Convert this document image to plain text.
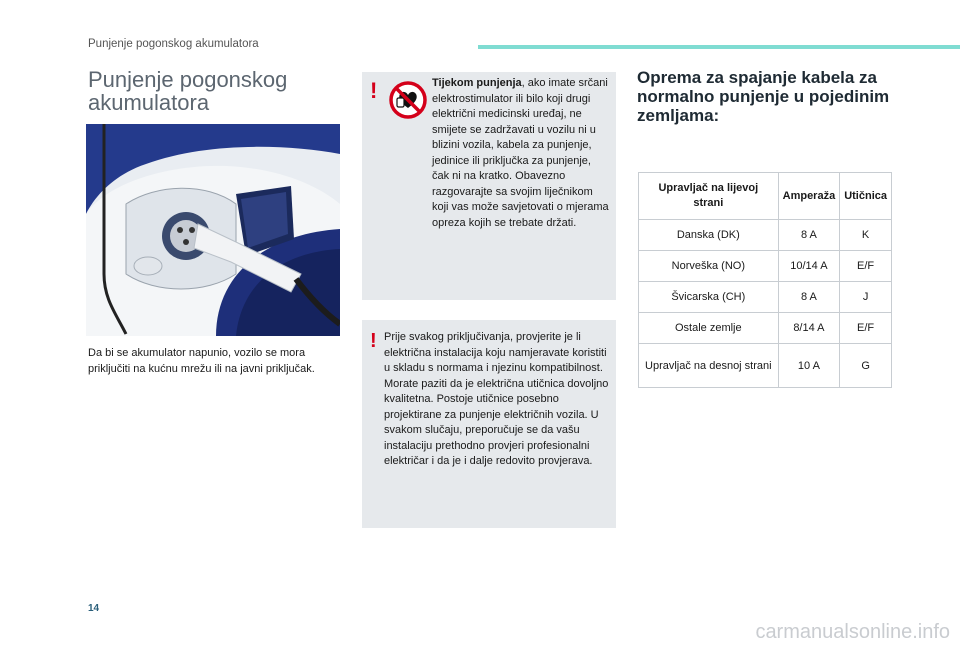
Punjenje pogonskog akumulatora
Punjenje pogonskog akumulatora
Da bi se akumulator napunio, vozilo se mora priključiti na kućnu mrežu ili na javni priključak.
!	Tijekom punjenja, ako imate srčani elektrostimulator ili bilo koji drugi električni medicinski uređaj, ne smijete se zadržavati u vozilu ni u blizini vozila, kabela za punjenje, jedinice ili priključka za punjenje, čak ni na kratko. Obavezno razgovarajte sa svojim liječnikom koji vas može savjetovati o mjerama opreza kojih se trebate držati.
! Prije svakog priključivanja, provjerite je li električna instalacija koju namjeravate koristiti u skladu s normama i njezinu kompatibilnost. Morate paziti da je električna utičnica dovoljno kvalitetna. Postoje utičnice posebno projektirane za punjenje električnih vozila. U svakom slučaju, preporučuje se da vašu instalaciju prethodno provjeri profesionalni električar i da je i dalje redovito provjerava.
Oprema za spajanje kabela za normalno punjenje u pojedinim zemljama:
Upravljač na lijevoj strani	Amperaža	Utičnica
Danska (DK)	8 A	K
Norveška (NO)	10/14 A	E/F
Švicarska (CH)	8 A	J
Ostale zemlje	8/14 A	E/F
Upravljač na desnoj strani	10 A	G
14
carmanualsonline.info
